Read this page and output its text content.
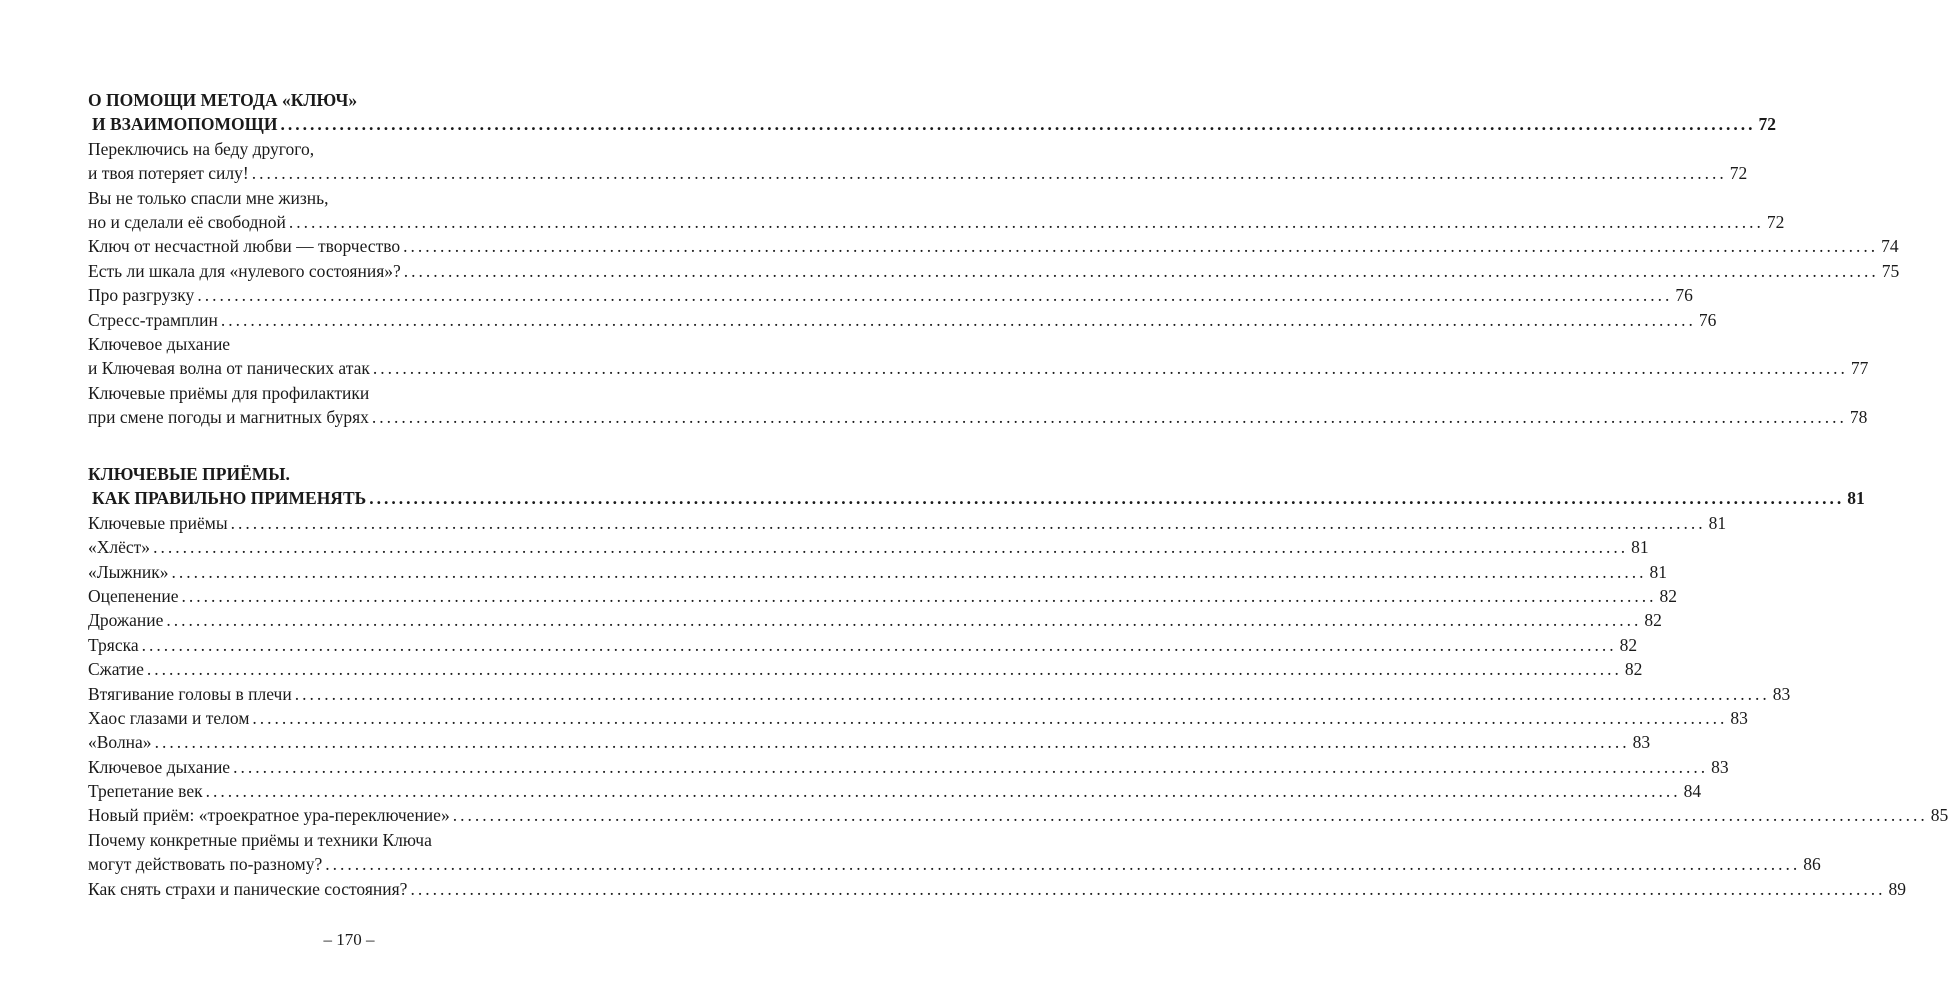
О ПОМОЩИ МЕТОДА «КЛЮЧ»
И ВЗАИМОПОМОЩИ ........................................................................................................................................................................................................ 72
Переключись на беду другого,
и твоя потеряет силу! ........................................................................................................................................................................................................ 72
Вы не только спасли мне жизнь,
но и сделали её свободной ........................................................................................................................................................................................................ 72
Ключ от несчастной любви — творчество ........................................................................................................................................................................................................ 74
Есть ли шкала для «нулевого состояния»? ........................................................................................................................................................................................................ 75
Про разгрузку ........................................................................................................................................................................................................ 76
Стресс-трамплин ........................................................................................................................................................................................................ 76
Ключевое дыхание
и Ключевая волна от панических атак ........................................................................................................................................................................................................ 77
Ключевые приёмы для профилактики
при смене погоды и магнитных бурях ........................................................................................................................................................................................................ 78
КЛЮЧЕВЫЕ ПРИЁМЫ.
КАК ПРАВИЛЬНО ПРИМЕНЯТЬ ........................................................................................................................................................................................................ 81
Ключевые приёмы ........................................................................................................................................................................................................ 81
«Хлёст» ........................................................................................................................................................................................................ 81
«Лыжник» ........................................................................................................................................................................................................ 81
Оцепенение ........................................................................................................................................................................................................ 82
Дрожание ........................................................................................................................................................................................................ 82
Тряска ........................................................................................................................................................................................................ 82
Сжатие ........................................................................................................................................................................................................ 82
Втягивание головы в плечи ........................................................................................................................................................................................................ 83
Хаос глазами и телом ........................................................................................................................................................................................................ 83
«Волна» ........................................................................................................................................................................................................ 83
Ключевое дыхание ........................................................................................................................................................................................................ 83
Трепетание век ........................................................................................................................................................................................................ 84
Новый приём: «троекратное ура-переключение» ........................................................................................................................................................................................................ 85
Почему конкретные приёмы и техники Ключа
могут действовать по-разному? ........................................................................................................................................................................................................ 86
Как снять страхи и панические состояния? ........................................................................................................................................................................................................ 89
– 170 –
